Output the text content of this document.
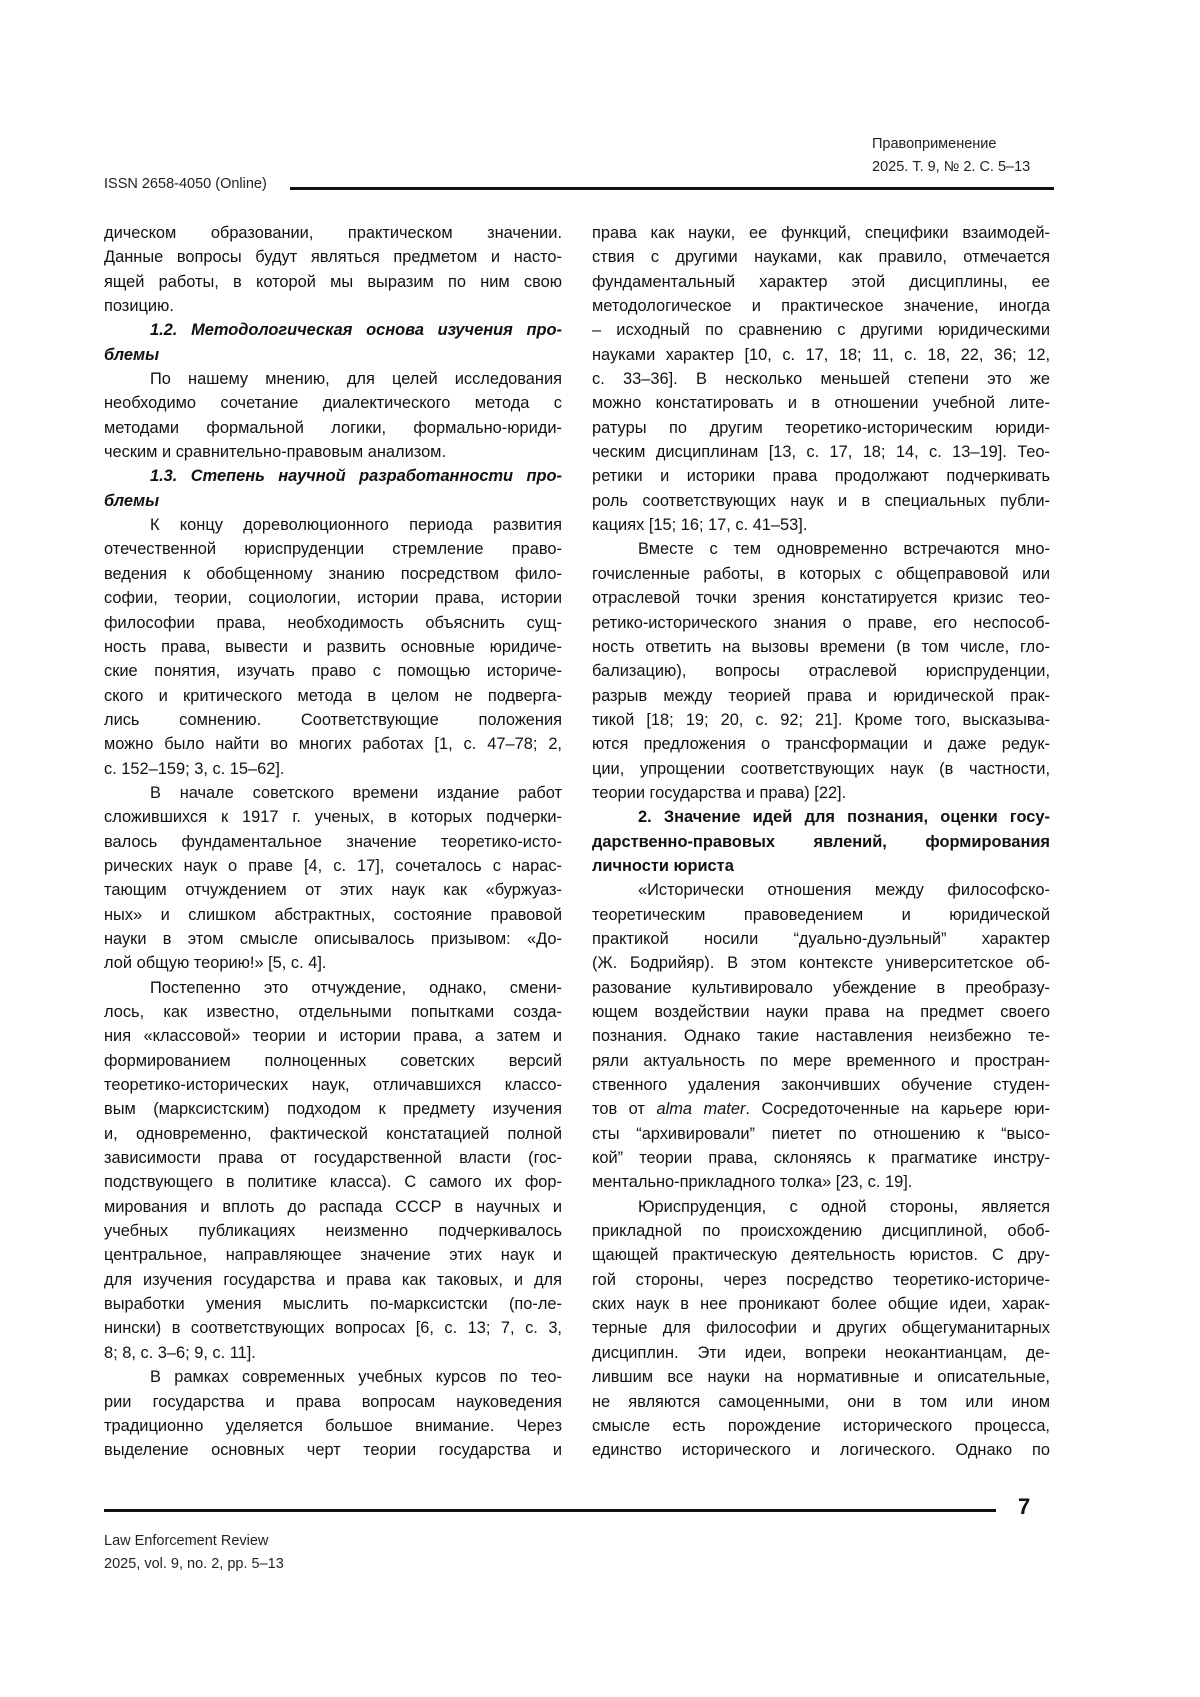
Правоприменение
2025. Т. 9, № 2. С. 5–13
ISSN 2658-4050 (Online)
дическом образовании, практическом значении.
Данные вопросы будут являться предметом и насто-
ящей работы, в которой мы выразим по ним свою
позицию.
1.2. Методологическая основа изучения про-
блемы
По нашему мнению, для целей исследования
необходимо сочетание диалектического метода с
методами формальной логики, формально-юриди-
ческим и сравнительно-правовым анализом.
1.3. Степень научной разработанности про-
блемы
К концу дореволюционного периода развития
отечественной юриспруденции стремление право-
ведения к обобщенному знанию посредством фило-
софии, теории, социологии, истории права, истории
философии права, необходимость объяснить сущ-
ность права, вывести и развить основные юридиче-
ские понятия, изучать право с помощью историче-
ского и критического метода в целом не подверга-
лись сомнению. Соответствующие положения
можно было найти во многих работах [1, с. 47–78; 2,
с. 152–159; 3, с. 15–62].
В начале советского времени издание работ
сложившихся к 1917 г. ученых, в которых подчерки-
валось фундаментальное значение теоретико-исто-
рических наук о праве [4, с. 17], сочеталось с нарас-
тающим отчуждением от этих наук как «буржуаз-
ных» и слишком абстрактных, состояние правовой
науки в этом смысле описывалось призывом: «До-
лой общую теорию!» [5, с. 4].
Постепенно это отчуждение, однако, смени-
лось, как известно, отдельными попытками созда-
ния «классовой» теории и истории права, а затем и
формированием полноценных советских версий
теоретико-исторических наук, отличавшихся классо-
вым (марксистским) подходом к предмету изучения
и, одновременно, фактической констатацией полной
зависимости права от государственной власти (гос-
подствующего в политике класса). С самого их фор-
мирования и вплоть до распада СССР в научных и
учебных публикациях неизменно подчеркивалось
центральное, направляющее значение этих наук и
для изучения государства и права как таковых, и для
выработки умения мыслить по-марксистски (по-ле-
нински) в соответствующих вопросах [6, с. 13; 7, с. 3,
8; 8, с. 3–6; 9, с. 11].
В рамках современных учебных курсов по тео-
рии государства и права вопросам науковедения
традиционно уделяется большое внимание. Через
выделение основных черт теории государства и
права как науки, ее функций, специфики взаимодей-
ствия с другими науками, как правило, отмечается
фундаментальный характер этой дисциплины, ее
методологическое и практическое значение, иногда
– исходный по сравнению с другими юридическими
науками характер [10, с. 17, 18; 11, с. 18, 22, 36; 12,
с. 33–36]. В несколько меньшей степени это же
можно констатировать и в отношении учебной лите-
ратуры по другим теоретико-историческим юриди-
ческим дисциплинам [13, с. 17, 18; 14, с. 13–19]. Тео-
ретики и историки права продолжают подчеркивать
роль соответствующих наук и в специальных публи-
кациях [15; 16; 17, с. 41–53].
Вместе с тем одновременно встречаются мно-
гочисленные работы, в которых с общеправовой или
отраслевой точки зрения констатируется кризис тео-
ретико-исторического знания о праве, его неспособ-
ность ответить на вызовы времени (в том числе, гло-
бализацию), вопросы отраслевой юриспруденции,
разрыв между теорией права и юридической прак-
тикой [18; 19; 20, с. 92; 21]. Кроме того, высказыва-
ются предложения о трансформации и даже редук-
ции, упрощении соответствующих наук (в частности,
теории государства и права) [22].
2. Значение идей для познания, оценки госу-
дарственно-правовых явлений, формирования
личности юриста
«Исторически отношения между философско-
теоретическим правоведением и юридической
практикой носили “дуально-дуэльный” характер
(Ж. Бодрийяр). В этом контексте университетское об-
разование культивировало убеждение в преобразу-
ющем воздействии науки права на предмет своего
познания. Однако такие наставления неизбежно те-
ряли актуальность по мере временного и простран-
ственного удаления закончивших обучение студен-
тов от alma mater. Сосредоточенные на карьере юри-
сты “архивировали” пиетет по отношению к “высо-
кой” теории права, склоняясь к прагматике инстру-
ментально-прикладного толка» [23, с. 19].
Юриспруденция, с одной стороны, является
прикладной по происхождению дисциплиной, обоб-
щающей практическую деятельность юристов. С дру-
гой стороны, через посредство теоретико-историче-
ских наук в нее проникают более общие идеи, харак-
терные для философии и других общегуманитарных
дисциплин. Эти идеи, вопреки неокантианцам, де-
лившим все науки на нормативные и описательные,
не являются самоценными, они в том или ином
смысле есть порождение исторического процесса,
единство исторического и логического. Однако по
7
Law Enforcement Review
2025, vol. 9, no. 2, pp. 5–13
